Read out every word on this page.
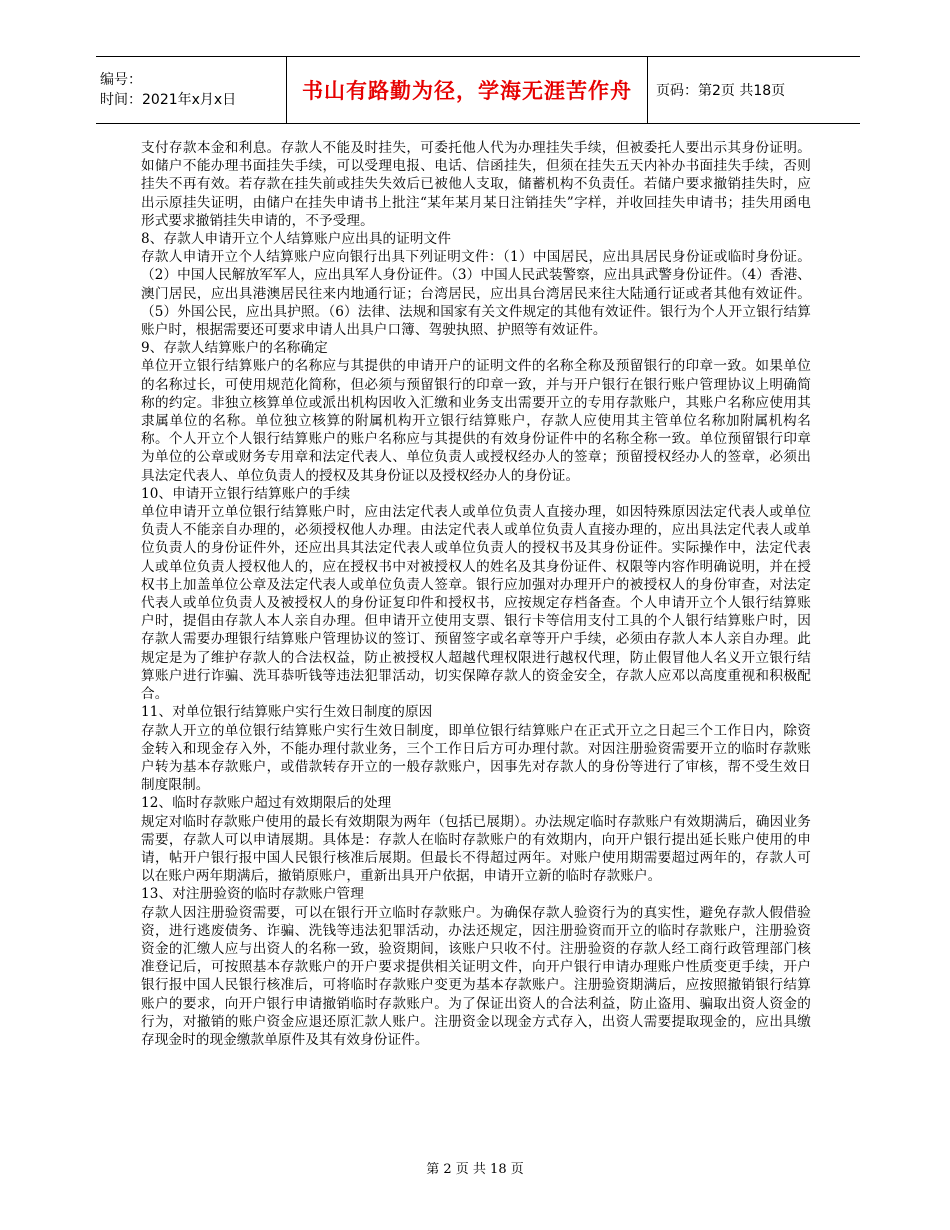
编号：
时间：2021年x月x日	书山有路勤为径，学海无涯苦作舟 页码：第2页 共18页

支付存款本金和利息。存款人不能及时挂失，可委托他人代为办理挂失手续，但被委托人要出示其身份证明。如储户不能办理书面挂失手续，可以受理电报、电话、信函挂失，但须在挂失五天内补办书面挂失手续，否则挂失不再有效。若存款在挂失前或挂失失效后已被他人支取，储蓄机构不负责任。若储户要求撤销挂失时，应出示原挂失证明，由储户在挂失申请书上批注“某年某月某日注销挂失”字样，并收回挂失申请书；挂失用函电形式要求撤销挂失申请的，不予受理。

8、存款人申请开立个人结算账户应出具的证明文件

存款人申请开立个人结算账户应向银行出具下列证明文件：（1）中国居民，应出具居民身份证或临时身份证。（2）中国人民解放军军人，应出具军人身份证件。（3）中国人民武装警察，应出具武警身份证件。（4）香港、澳门居民，应出具港澳居民往来内地通行证；台湾居民，应出具台湾居民来往大陆通行证或者其他有效证件。（5）外国公民，应出具护照。（6）法律、法规和国家有关文件规定的其他有效证件。银行为个人开立银行结算账户时，根据需要还可要求申请人出具户口簿、驾驶执照、护照等有效证件。

9、存款人结算账户的名称确定

单位开立银行结算账户的名称应与其提供的申请开户的证明文件的名称全称及预留银行的印章一致。如果单位的名称过长，可使用规范化简称，但必须与预留银行的印章一致，并与开户银行在银行账户管理协议上明确简称的约定。非独立核算单位或派出机构因收入汇缴和业务支出需要开立的专用存款账户，其账户名称应使用其隶属单位的名称。单位独立核算的附属机构开立银行结算账户，存款人应使用其主管单位名称加附属机构名称。个人开立个人银行结算账户的账户名称应与其提供的有效身份证件中的名称全称一致。单位预留银行印章为单位的公章或财务专用章和法定代表人、单位负责人或授权经办人的签章；预留授权经办人的签章，必须出具法定代表人、单位负责人的授权及其身份证以及授权经办人的身份证。

10、申请开立银行结算账户的手续

单位申请开立单位银行结算账户时，应由法定代表人或单位负责人直接办理，如因特殊原因法定代表人或单位负责人不能亲自办理的，必须授权他人办理。由法定代表人或单位负责人直接办理的，应出具法定代表人或单位负责人的身份证件外，还应出具其法定代表人或单位负责人的授权书及其身份证件。实际操作中，法定代表人或单位负责人授权他人的，应在授权书中对被授权人的姓名及其身份证件、权限等内容作明确说明，并在授权书上加盖单位公章及法定代表人或单位负责人签章。银行应加强对办理开户的被授权人的身份审查，对法定代表人或单位负责人及被授权人的身份证复印件和授权书，应按规定存档备查。个人申请开立个人银行结算账户时，提倡由存款人本人亲自办理。但申请开立使用支票、银行卡等信用支付工具的个人银行结算账户时，因存款人需要办理银行结算账户管理协议的签订、预留签字或名章等开户手续，必须由存款人本人亲自办理。此规定是为了维护存款人的合法权益，防止被授权人超越代理权限进行越权代理，防止假冒他人名义开立银行结算账户进行诈骗、洗耳恭听钱等违法犯罪活动，切实保障存款人的资金安全，存款人应邓以高度重视和积极配合。

11、对单位银行结算账户实行生效日制度的原因

存款人开立的单位银行结算账户实行生效日制度，即单位银行结算账户在正式开立之日起三个工作日内，除资金转入和现金存入外，不能办理付款业务，三个工作日后方可办理付款。对因注册验资需要开立的临时存款账户转为基本存款账户，或借款转存开立的一般存款账户，因事先对存款人的身份等进行了审核，帮不受生效日制度限制。

12、临时存款账户超过有效期限后的处理

规定对临时存款账户使用的最长有效期限为两年（包括已展期）。办法规定临时存款账户有效期满后，确因业务需要，存款人可以申请展期。具体是：存款人在临时存款账户的有效期内，向开户银行提出延长账户使用的申请，帖开户银行报中国人民银行核准后展期。但最长不得超过两年。对账户使用期需要超过两年的，存款人可以在账户两年期满后，撤销原账户，重新出具开户依据，申请开立新的临时存款账户。

13、对注册验资的临时存款账户管理

存款人因注册验资需要，可以在银行开立临时存款账户。为确保存款人验资行为的真实性，避免存款人假借验资，进行逃废债务、诈骗、洗钱等违法犯罪活动，办法还规定，因注册验资而开立的临时存款账户，注册验资资金的汇缴人应与出资人的名称一致，验资期间，该账户只收不付。注册验资的存款人经工商行政管理部门核准登记后，可按照基本存款账户的开户要求提供相关证明文件，向开户银行申请办理账户性质变更手续，开户银行报中国人民银行核准后，可将临时存款账户变更为基本存款账户。注册验资期满后，应按照撤销银行结算账户的要求，向开户银行申请撤销临时存款账户。为了保证出资人的合法利益，防止盗用、骗取出资人资金的行为，对撤销的账户资金应退还原汇款人账户。注册资金以现金方式存入，出资人需要提取现金的，应出具缴存现金时的现金缴款单原件及其有效身份证件。

第 2 页 共 18 页
